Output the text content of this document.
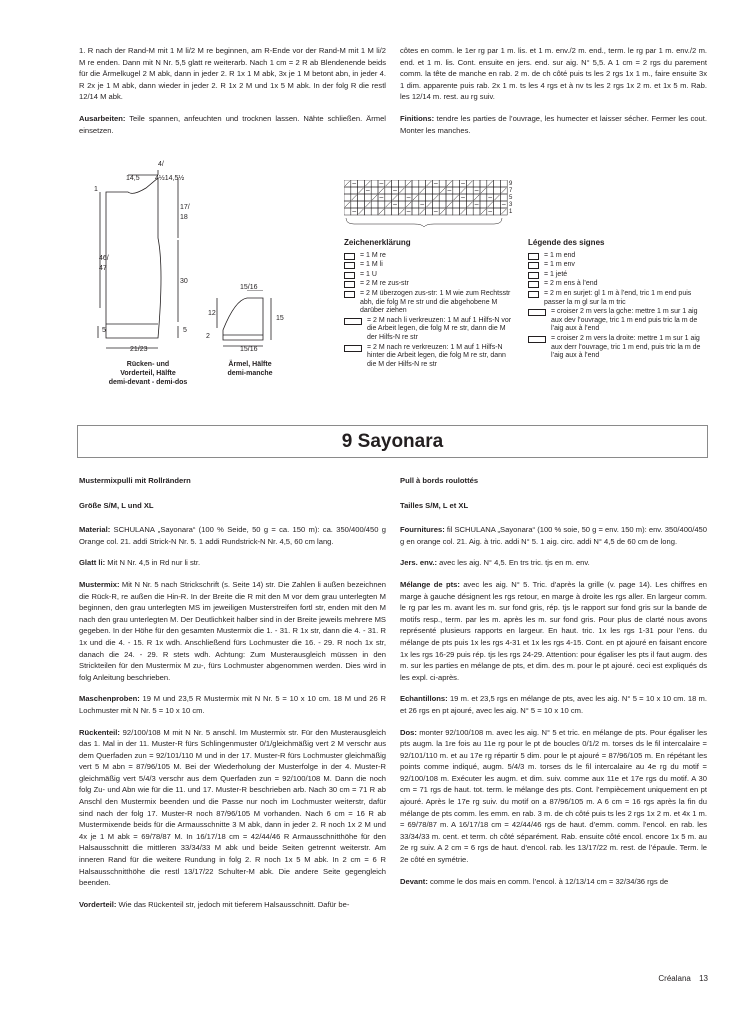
1. R nach der Rand-M mit 1 M li/2 M re beginnen, am R-Ende vor der Rand-M mit 1 M li/2 M re enden. Dann mit N Nr. 5,5 glatt re weiterarb. Nach 1 cm = 2 R ab Blendenende beids für die Ärmelkugel 2 M abk, dann in jeder 2. R 1x 1 M abk, 3x je 1 M betont abn, in jeder 4. R 2x je 1 M abk, dann wieder in jeder 2. R 1x 2 M und 1x 5 M abk. In der folg R die restl 12/14 M abk.

Ausarbeiten: Teile spannen, anfeuchten und trocknen lassen. Nähte schließen. Ärmel einsetzen.

côtes en comm. le 1er rg par 1 m. lis. et 1 m. env./2 m. end., term. le rg par 1 m. env./2 m. end. et 1 m. lis. Cont. ensuite en jers. end. sur aig. N° 5,5. A 1 cm = 2 rgs du parement comm. la tête de manche en rab. 2 m. de ch côté puis ts les 2 rgs 1x 1 m., faire ensuite 3x 1 dim. apparente puis rab. 2x 1 m. ts les 4 rgs et à nv ts les 2 rgs 1x 2 m. et 1x 5 m. Rab. les 12/14 m. rest. au rg suiv.

Finitions: tendre les parties de l’ouvrage, les humecter et laisser sécher. Fermer les cout. Monter les manches.

14,5
4/
4½14,5½
1
17/
18
46/
47
30
5	5
21/23
Rücken- und
Vorderteil, Hälfte
demi-devant - demi-dos
15/16
12
15
2
15/16
Ärmel, Hälfte
demi-manche
9
7
5
3
1
Zeichenerklärung
= 1 M re
= 1 M li
= 1 U
= 2 M re zus-str
= 2 M überzogen zus-str: 1 M wie zum Rechtsstr abh, die folg M re str und die abgehobene M darüber ziehen
= 2 M nach li verkreuzen: 1 M auf 1 Hilfs-N vor die Arbeit legen, die folg M re str, dann die M der Hilfs-N re str
= 2 M nach re verkreuzen: 1 M auf 1 Hilfs-N hinter die Arbeit legen, die folg M re str, dann die M der Hilfs-N re str
Légende des signes
= 1 m end
= 1 m env
= 1 jeté
= 2 m ens à l’end
= 2 m en surjet: gl 1 m à l’end, tric 1 m end puis passer la m gl sur la m tric
= croiser 2 m vers la gche: mettre 1 m sur 1 aig aux dev l’ouvrage, tric 1 m end puis tric la m de l’aig aux à l’end
= croiser 2 m vers la droite: mettre 1 m sur 1 aig aux derr l’ouvrage, tric 1 m end, puis tric la m de l’aig aux à l’end
9 Sayonara

Mustermixpulli mit Rollrändern

Größe S/M, L und XL

Material: SCHULANA „Sayonara“ (100 % Seide, 50 g = ca. 150 m): ca. 350/400/450 g Orange col. 21. addi Strick-N Nr. 5. 1 addi Rundstrick-N Nr. 4,5, 60 cm lang.

Glatt li: Mit N Nr. 4,5 in Rd nur li str.

Mustermix: Mit N Nr. 5 nach Strickschrift (s. Seite 14) str. Die Zahlen li außen bezeichnen die Rück-R, re außen die Hin-R. In der Breite die R mit den M vor dem grau unterlegten M beginnen, den grau unterlegten MS im jeweiligen Musterstreifen fortl str, enden mit den M nach den grau unterlegten M. Der Deutlichkeit halber sind in der Breite jeweils mehrere MS gegeben. In der Höhe für den gesamten Mustermix die 1. - 31. R 1x str, dann die 4. - 31. R 1x und die 4. - 15. R 1x wdh. Anschließend fürs Lochmuster die 16. - 29. R noch 1x str, danach die 24. - 29. R stets wdh. Achtung: Zum Musterausgleich müssen in den Strickteilen für den Mustermix M zu-, fürs Lochmuster abgenommen werden. Dies wird in folg Anleitung beschrieben.

Maschenproben: 19 M und 23,5 R Mustermix mit N Nr. 5 = 10 x 10 cm. 18 M und 26 R Lochmuster mit N Nr. 5 = 10 x 10 cm.

Rückenteil: 92/100/108 M mit N Nr. 5 anschl. Im Mustermix str. Für den Musterausgleich das 1. Mal in der 11. Muster-R fürs Schlingenmuster 0/1/gleichmäßig vert 2 M verschr aus dem Querfaden zun = 92/101/110 M und in der 17. Muster-R fürs Lochmuster gleichmäßig vert 5 M abn = 87/96/105 M. Bei der Wiederholung der Musterfolge in der 4. Muster-R gleichmäßig vert 5/4/3 verschr aus dem Querfaden zun = 92/100/108 M. Dann die noch folg Zu- und Abn wie für die 11. und 17. Muster-R beschrieben arb. Nach 30 cm = 71 R ab Anschl den Mustermix beenden und die Passe nur noch im Lochmuster weiterstr, dafür sind nach der folg 17. Muster-R noch 87/96/105 M vorhanden. Nach 6 cm = 16 R ab Mustermixende beids für die Armausschnitte 3 M abk, dann in jeder 2. R noch 1x 2 M und 4x je 1 M abk = 69/78/87 M. In 16/17/18 cm = 42/44/46 R Armausschnitthöhe für den Halsausschnitt die mittleren 33/34/33 M abk und beide Seiten getrennt weiterstr. Am inneren Rand für die weitere Rundung in folg 2. R noch 1x 5 M abk. In 2 cm = 6 R Halsausschnitthöhe die restl 13/17/22 Schulter-M abk. Die andere Seite gegengleich beenden.

Vorderteil: Wie das Rückenteil str, jedoch mit tieferem Halsausschnitt. Dafür be-

Pull à bords roulottés

Tailles S/M, L et XL

Fournitures: fil SCHULANA „Sayonara“ (100 % soie, 50 g = env. 150 m): env. 350/400/450 g en orange col. 21. Aig. à tric. addi N° 5. 1 aig. circ. addi N° 4,5 de 60 cm de long.

Jers. env.: avec les aig. N° 4,5. En trs tric. tjs en m. env.

Mélange de pts: avec les aig. N° 5. Tric. d’après la grille (v. page 14). Les chiffres en marge à gauche désignent les rgs retour, en marge à droite les rgs aller. En largeur comm. le rg par les m. avant les m. sur fond gris, rép. tjs le rapport sur fond gris sur la bande de motifs resp., term. par les m. après les m. sur fond gris. Pour plus de clarté nous avons représenté plusieurs rapports en largeur. En haut. tric. 1x les rgs 1-31 pour l’ens. du mélange de pts puis 1x les rgs 4-31 et 1x les rgs 4-15. Cont. en pt ajouré en faisant encore 1x les rgs 16-29 puis rép. tjs les rgs 24-29. Attention: pour égaliser les pts il faut augm. des m. sur les parties en mélange de pts, et dim. des m. pour le pt ajouré. ceci est expliqués ds les expl. ci-après.

Echantillons: 19 m. et 23,5 rgs en mélange de pts, avec les aig. N° 5 = 10 x 10 cm. 18 m. et 26 rgs en pt ajouré, avec les aig. N° 5 = 10 x 10 cm.

Dos: monter 92/100/108 m. avec les aig. N° 5 et tric. en mélange de pts. Pour égaliser les pts augm. la 1re fois au 11e rg pour le pt de boucles 0/1/2 m. torses ds le fil intercalaire = 92/101/110 m. et au 17e rg répartir 5 dim. pour le pt ajouré = 87/96/105 m. En répétant les points comme indiqué, augm. 5/4/3 m. torses ds le fil intercalaire au 4e rg du motif = 92/100/108 m. Exécuter les augm. et dim. suiv. comme aux 11e et 17e rgs du motif. A 30 cm = 71 rgs de haut. tot. term. le mélange des pts. Cont. l’empiècement uniquement en pt ajouré. Après le 17e rg suiv. du motif on a 87/96/105 m. A 6 cm = 16 rgs après la fin du mélange de pts comm. les emm. en rab. 3 m. de ch côté puis ts les 2 rgs 1x 2 m. et 4x 1 m. = 69/78/87 m. A 16/17/18 cm = 42/44/46 rgs de haut. d’emm. comm. l’encol. en rab. les 33/34/33 m. cent. et term. ch côté séparément. Rab. ensuite côté encol. encore 1x 5 m. au 2e rg suiv. A 2 cm = 6 rgs de haut. d’encol. rab. les 13/17/22 m. rest. de l’épaule. Term. le 2e côté en symétrie.

Devant: comme le dos mais en comm. l’encol. à 12/13/14 cm = 32/34/36 rgs de

Créalana 13
